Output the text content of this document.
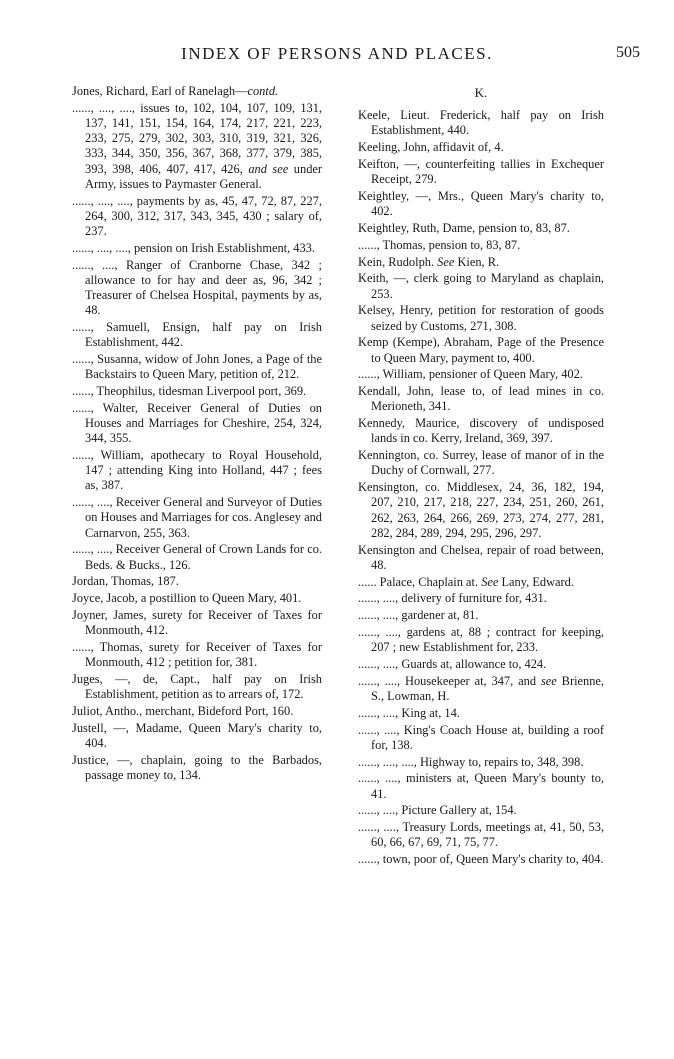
INDEX OF PERSONS AND PLACES.	505

Jones, Richard, Earl of Ranelagh—contd.

......, ...., ...., issues to, 102, 104, 107, 109, 131, 137, 141, 151, 154, 164, 174, 217, 221, 223, 233, 275, 279, 302, 303, 310, 319, 321, 326, 333, 344, 350, 356, 367, 368, 377, 379, 385, 393, 398, 406, 407, 417, 426, and see under Army, issues to Paymaster General.

......, ...., ...., payments by as, 45, 47, 72, 87, 227, 264, 300, 312, 317, 343, 345, 430 ; salary of, 237.

......, ...., ...., pension on Irish Establishment, 433.

......, ...., Ranger of Cranborne Chase, 342 ; allowance to for hay and deer as, 96, 342 ; Treasurer of Chelsea Hospital, payments by as, 48.

......, Samuell, Ensign, half pay on Irish Establishment, 442.

......, Susanna, widow of John Jones, a Page of the Backstairs to Queen Mary, petition of, 212.

......, Theophilus, tidesman Liverpool port, 369.

......, Walter, Receiver General of Duties on Houses and Marriages for Cheshire, 254, 324, 344, 355.

......, William, apothecary to Royal Household, 147 ; attending King into Holland, 447 ; fees as, 387.

......, ...., Receiver General and Surveyor of Duties on Houses and Marriages for cos. Anglesey and Carnarvon, 255, 363.

......, ...., Receiver General of Crown Lands for co. Beds. & Bucks., 126.

Jordan, Thomas, 187.

Joyce, Jacob, a postillion to Queen Mary, 401.

Joyner, James, surety for Receiver of Taxes for Monmouth, 412.

......, Thomas, surety for Receiver of Taxes for Monmouth, 412 ; petition for, 381.

Juges, —, de, Capt., half pay on Irish Establishment, petition as to arrears of, 172.

Juliot, Antho., merchant, Bideford Port, 160.

Justell, —, Madame, Queen Mary's charity to, 404.

Justice, —, chaplain, going to the Barbados, passage money to, 134.

K.

Keele, Lieut. Frederick, half pay on Irish Establishment, 440.

Keeling, John, affidavit of, 4.

Keifton, —, counterfeiting tallies in Exchequer Receipt, 279.

Keightley, —, Mrs., Queen Mary's charity to, 402.

Keightley, Ruth, Dame, pension to, 83, 87.

......, Thomas, pension to, 83, 87.

Kein, Rudolph. See Kien, R.

Keith, —, clerk going to Maryland as chaplain, 253.

Kelsey, Henry, petition for restoration of goods seized by Customs, 271, 308.

Kemp (Kempe), Abraham, Page of the Presence to Queen Mary, payment to, 400.

......, William, pensioner of Queen Mary, 402.

Kendall, John, lease to, of lead mines in co. Merioneth, 341.

Kennedy, Maurice, discovery of undisposed lands in co. Kerry, Ireland, 369, 397.

Kennington, co. Surrey, lease of manor of in the Duchy of Cornwall, 277.

Kensington, co. Middlesex, 24, 36, 182, 194, 207, 210, 217, 218, 227, 234, 251, 260, 261, 262, 263, 264, 266, 269, 273, 274, 277, 281, 282, 284, 289, 294, 295, 296, 297.

Kensington and Chelsea, repair of road between, 48.

...... Palace, Chaplain at. See Lany, Edward.

......, ...., delivery of furniture for, 431.

......, ...., gardener at, 81.

......, ...., gardens at, 88 ; contract for keeping, 207 ; new Establishment for, 233.

......, ...., Guards at, allowance to, 424.

......, ...., Housekeeper at, 347, and see Brienne, S., Lowman, H.

......, ...., King at, 14.

......, ...., King's Coach House at, building a roof for, 138.

......, ...., ...., Highway to, repairs to, 348, 398.

......, ...., ministers at, Queen Mary's bounty to, 41.

......, ...., Picture Gallery at, 154.

......, ...., Treasury Lords, meetings at, 41, 50, 53, 60, 66, 67, 69, 71, 75, 77.

......, town, poor of, Queen Mary's charity to, 404.
